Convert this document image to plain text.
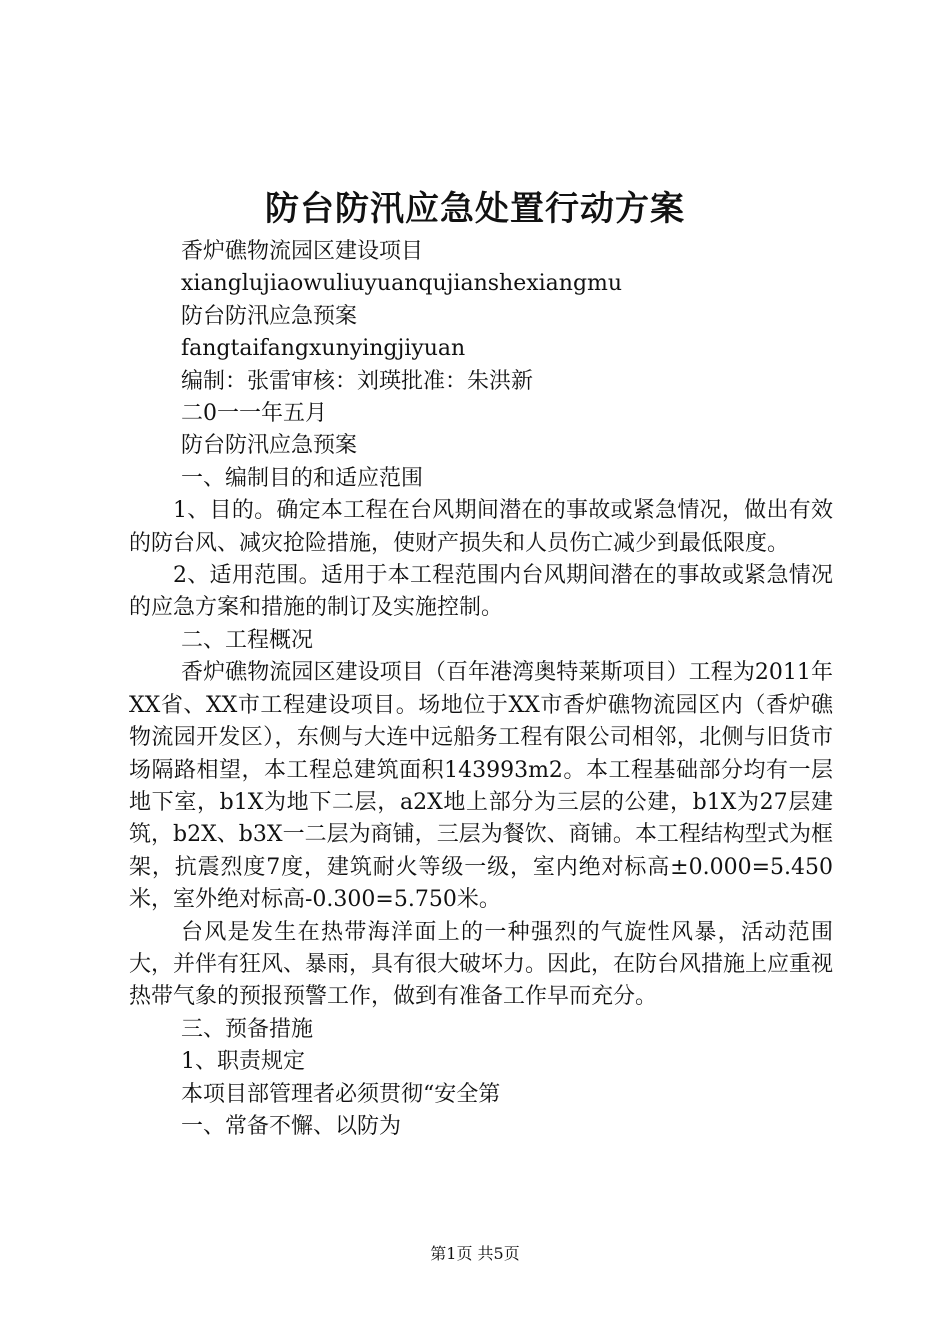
防台防汛应急处置行动方案

香炉礁物流园区建设项目

xianglujiaowuliuyuanqujianshexiangmu

防台防汛应急预案

fangtaifangxunyingjiyuan

编制：张雷审核：刘瑛批准：朱洪新

二0一一年五月

防台防汛应急预案

一、编制目的和适应范围

1、目的。确定本工程在台风期间潜在的事故或紧急情况，做出有效的防台风、减灾抢险措施，使财产损失和人员伤亡减少到最低限度。

2、适用范围。适用于本工程范围内台风期间潜在的事故或紧急情况的应急方案和措施的制订及实施控制。

二、工程概况

香炉礁物流园区建设项目（百年港湾奥特莱斯项目）工程为2011年XX省、XX市工程建设项目。场地位于XX市香炉礁物流园区内（香炉礁物流园开发区），东侧与大连中远船务工程有限公司相邻，北侧与旧货市场隔路相望，本工程总建筑面积143993m2。本工程基础部分均有一层地下室，b1X为地下二层，a2X地上部分为三层的公建，b1X为27层建筑，b2X、b3X一二层为商铺，三层为餐饮、商铺。本工程结构型式为框架，抗震烈度7度，建筑耐火等级一级，室内绝对标高±0.000=5.450米，室外绝对标高-0.300=5.750米。

台风是发生在热带海洋面上的一种强烈的气旋性风暴，活动范围大，并伴有狂风、暴雨，具有很大破坏力。因此，在防台风措施上应重视热带气象的预报预警工作，做到有准备工作早而充分。

三、预备措施

1、职责规定

本项目部管理者必须贯彻“安全第

一、常备不懈、以防为

第1页 共5页
